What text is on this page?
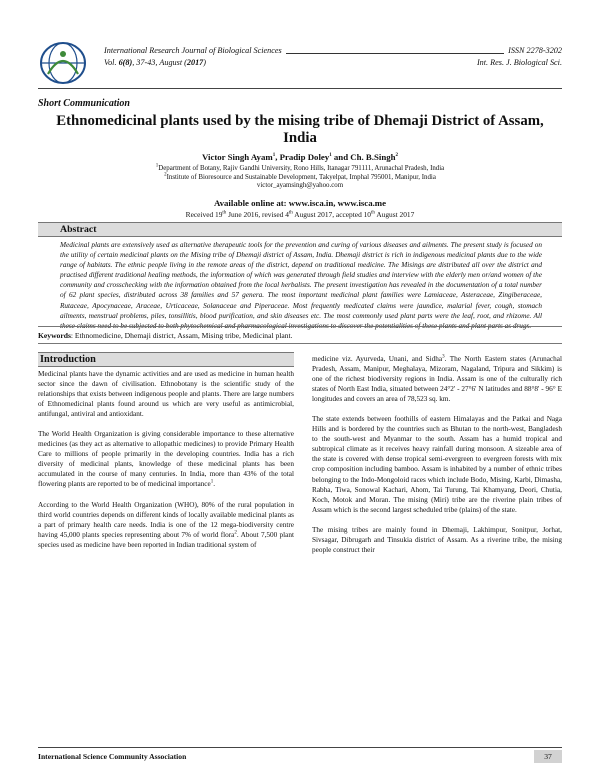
International Research Journal of Biological Sciences	ISSN 2278-3202
Vol. 6(8), 37-43, August (2017)	Int. Res. J. Biological Sci.
Short Communication
Ethnomedicinal plants used by the mising tribe of Dhemaji District of Assam, India
Victor Singh Ayam$^1$, Pradip Doley$^1$ and Ch. B.Singh$^2$
$^1$Department of Botany, Rajiv Gandhi University, Rono Hills, Itanagar 791111, Arunachal Pradesh, India
$^2$Institute of Bioresource and Sustainable Development, Takyelpat, Imphal 795001, Manipur, India
victor_ayamsingh@yahoo.com
Available online at: www.isca.in, www.isca.me
Received 19th June 2016, revised 4th August 2017, accepted 10th August 2017
Abstract
Medicinal plants are extensively used as alternative therapeutic tools for the prevention and curing of various diseases and ailments. The present study is focused on the utility of certain medicinal plants on the Mising tribe of Dhemaji district of Assam, India. Dhemaji district is rich in indigenous medicinal plants due to the wide range of habitats. The ethnic people living in the remote areas of the district, depend on traditional medicine. The Misings are distributed all over the district and practised different traditional healing methods, the information of which was generated through field studies and interview with the elderly men or/and women of the community and crosschecking with the information obtained from the local herbalists. The present investigation has revealed in the documentation of a total number of 62 plant species, distributed across 38 families and 57 genera. The most important medicinal plant families were Lamiaceae, Asteraceae, Zingiberaceae, Rutaceae, Apocynaceae, Araceae, Urticaceae, Solanaceae and Piperaceae. Most frequently medicated claims were jaundice, malarial fever, cough, stomach ailments, menstrual problems, piles, tonsillitis, blood purification, and skin diseases etc. The most commonly used plant parts were the leaf, root, and rhizome. All these claims need to be subjected to both phytochemical and pharmacological investigations to discover the potentialities of these plants and plant parts as drugs.
Keywords: Ethnomedicine, Dhemaji district, Assam, Mising tribe, Medicinal plant.
Introduction

Medicinal plants have the dynamic activities and are used as medicine in human health sector since the dawn of civilisation. Ethnobotany is the scientific study of the relationships that exists between indigenous people and plants. There are large numbers of Ethnomedicinal plants found around us which are very useful as antimicrobial, antifungal, antiviral and antioxidant.

The World Health Organization is giving considerable importance to these alternative medicines (as they act as alternative to allopathic medicines) to provide Primary Health Care to millions of people primarily in the developing countries. India has a rich diversity of medicinal plants, knowledge of these medicinal plants has been accumulated in the course of many centuries. In India, more than 43% of the total flowering plants are reported to be of medicinal importance$^1$.

According to the World Health Organization (WHO), 80% of the rural population in third world countries depends on different kinds of locally available medicinal plants as a part of primary health care needs. India is one of the 12 mega-biodiversity centre having 45,000 plants species representing about 7% of world flora$^2$. About 7,500 plant species used as medicine have been reported in Indian traditional system of

medicine viz. Ayurveda, Unani, and Sidha$^3$. The North Eastern states (Arunachal Pradesh, Assam, Manipur, Meghalaya, Mizoram, Nagaland, Tripura and Sikkim) is one of the richest biodiversity regions in India. Assam is one of the culturally rich states of North East India, situated between 24°2' - 27°6' N latitudes and 88°8' - 96° E longitudes and covers an area of 78,523 sq. km.

The state extends between foothills of eastern Himalayas and the Patkai and Naga Hills and is bordered by the countries such as Bhutan to the north-west, Bangladesh to the south-west and Myanmar to the south. Assam has a humid tropical and subtropical climate as it receives heavy rainfall during monsoon. A sizeable area of the state is covered with dense tropical semi-evergreen to evergreen forests with mix crop composition including bamboo. Assam is inhabited by a number of ethnic tribes belonging to the Indo-Mongoloid races which include Bodo, Mising, Karbi, Dimasha, Rabha, Tiwa, Sonowal Kachari, Ahom, Tai Turung, Tai Khamyang, Deori, Chutia, Koch, Motok and Moran. The mising (Miri) tribe are the riverine plain tribes of Assam which is the second largest scheduled tribe (plains) of the state.

The mising tribes are mainly found in Dhemaji, Lakhimpur, Sonitpur, Jorhat, Sivsagar, Dibrugarh and Tinsukia district of Assam. As a riverine tribe, the mising people construct their

International Science Community Association	37
